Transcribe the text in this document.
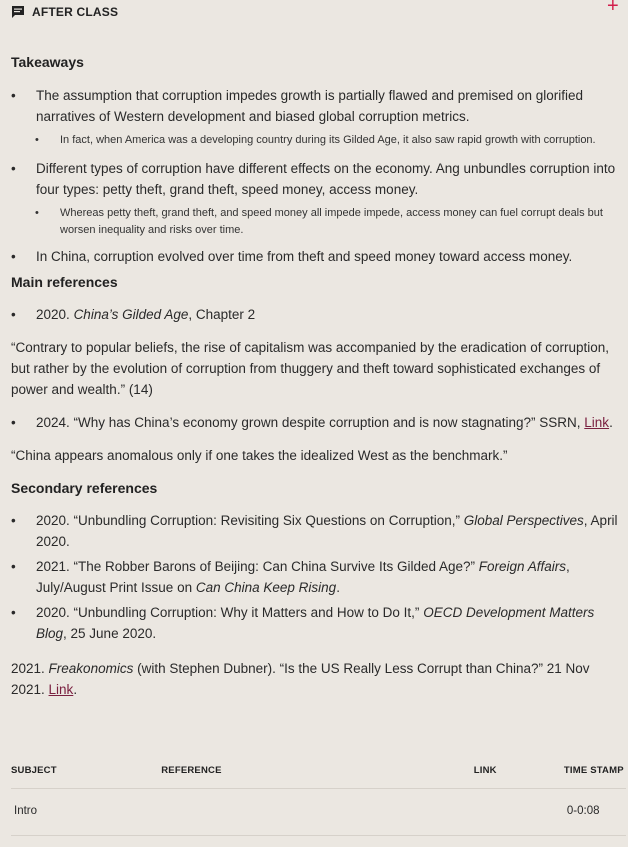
AFTER CLASS	+
Takeaways
• The assumption that corruption impedes growth is partially flawed and premised on glorified narratives of Western development and biased global corruption metrics.
• In fact, when America was a developing country during its Gilded Age, it also saw rapid growth with corruption.
• Different types of corruption have different effects on the economy. Ang unbundles corruption into four types: petty theft, grand theft, speed money, access money.
• Whereas petty theft, grand theft, and speed money all impede impede, access money can fuel corrupt deals but worsen inequality and risks over time.
• In China, corruption evolved over time from theft and speed money toward access money.
Main references
• 2020. China’s Gilded Age, Chapter 2

“Contrary to popular beliefs, the rise of capitalism was accompanied by the eradication of corruption, but rather by the evolution of corruption from thuggery and theft toward sophisticated exchanges of power and wealth.” (14)

• 2024. “Why has China’s economy grown despite corruption and is now stagnating?” SSRN, Link.

“China appears anomalous only if one takes the idealized West as the benchmark.”

Secondary references
• 2020. “Unbundling Corruption: Revisiting Six Questions on Corruption,” Global Perspectives, April 2020.
• 2021. “The Robber Barons of Beijing: Can China Survive Its Gilded Age?” Foreign Affairs, July/August Print Issue on Can China Keep Rising.
• 2020. “Unbundling Corruption: Why it Matters and How to Do It,” OECD Development Matters Blog, 25 June 2020.

2021. Freakonomics (with Stephen Dubner). “Is the US Really Less Corrupt than China?” 21 Nov 2021. Link.

SUBJECT	REFERENCE	LINK	TIME STAMP
Intro			0-0:08
